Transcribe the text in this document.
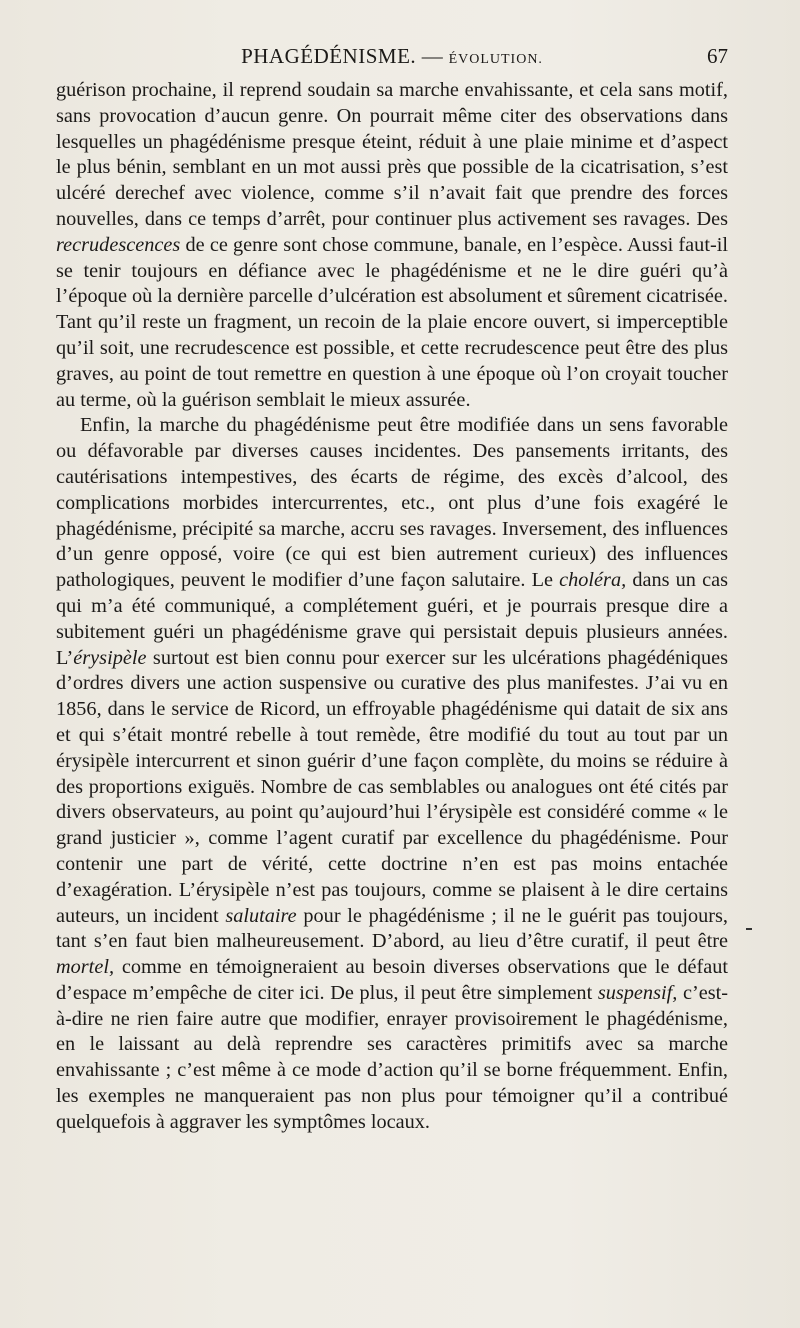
PHAGÉDÉNISME. — ÉVOLUTION.	67

guérison prochaine, il reprend soudain sa marche envahissante, et cela sans motif, sans provocation d’aucun genre. On pourrait même citer des observations dans lesquelles un phagédénisme presque éteint, réduit à une plaie minime et d’aspect le plus bénin, semblant en un mot aussi près que possible de la cicatrisation, s’est ulcéré derechef avec violence, comme s’il n’avait fait que prendre des forces nouvelles, dans ce temps d’arrêt, pour continuer plus activement ses ravages. Des recrudescences de ce genre sont chose commune, banale, en l’espèce. Aussi faut-il se tenir toujours en défiance avec le phagédénisme et ne le dire guéri qu’à l’époque où la dernière parcelle d’ulcération est absolument et sûrement cicatrisée. Tant qu’il reste un fragment, un recoin de la plaie encore ouvert, si imperceptible qu’il soit, une recrudescence est possible, et cette recrudescence peut être des plus graves, au point de tout remettre en question à une époque où l’on croyait toucher au terme, où la guérison semblait le mieux assurée.

Enfin, la marche du phagédénisme peut être modifiée dans un sens favorable ou défavorable par diverses causes incidentes. Des pansements irritants, des cautérisations intempestives, des écarts de régime, des excès d’alcool, des complications morbides intercurrentes, etc., ont plus d’une fois exagéré le phagédénisme, précipité sa marche, accru ses ravages. Inversement, des influences d’un genre opposé, voire (ce qui est bien autrement curieux) des influences pathologiques, peuvent le modifier d’une façon salutaire. Le choléra, dans un cas qui m’a été communiqué, a complétement guéri, et je pourrais presque dire a subitement guéri un phagédénisme grave qui persistait depuis plusieurs années. L’érysipèle surtout est bien connu pour exercer sur les ulcérations phagédéniques d’ordres divers une action suspensive ou curative des plus manifestes. J’ai vu en 1856, dans le service de Ricord, un effroyable phagédénisme qui datait de six ans et qui s’était montré rebelle à tout remède, être modifié du tout au tout par un érysipèle intercurrent et sinon guérir d’une façon complète, du moins se réduire à des proportions exiguës. Nombre de cas semblables ou analogues ont été cités par divers observateurs, au point qu’aujourd’hui l’érysipèle est considéré comme « le grand justicier », comme l’agent curatif par excellence du phagédénisme. Pour contenir une part de vérité, cette doctrine n’en est pas moins entachée d’exagération. L’érysipèle n’est pas toujours, comme se plaisent à le dire certains auteurs, un incident salutaire pour le phagédénisme ; il ne le guérit pas toujours, tant s’en faut bien malheureusement. D’abord, au lieu d’être curatif, il peut être mortel, comme en témoigneraient au besoin diverses observations que le défaut d’espace m’empêche de citer ici. De plus, il peut être simplement suspensif, c’est-à-dire ne rien faire autre que modifier, enrayer provisoirement le phagédénisme, en le laissant au delà reprendre ses caractères primitifs avec sa marche envahissante ; c’est même à ce mode d’action qu’il se borne fréquemment. Enfin, les exemples ne manqueraient pas non plus pour témoigner qu’il a contribué quelquefois à aggraver les symptômes locaux.
